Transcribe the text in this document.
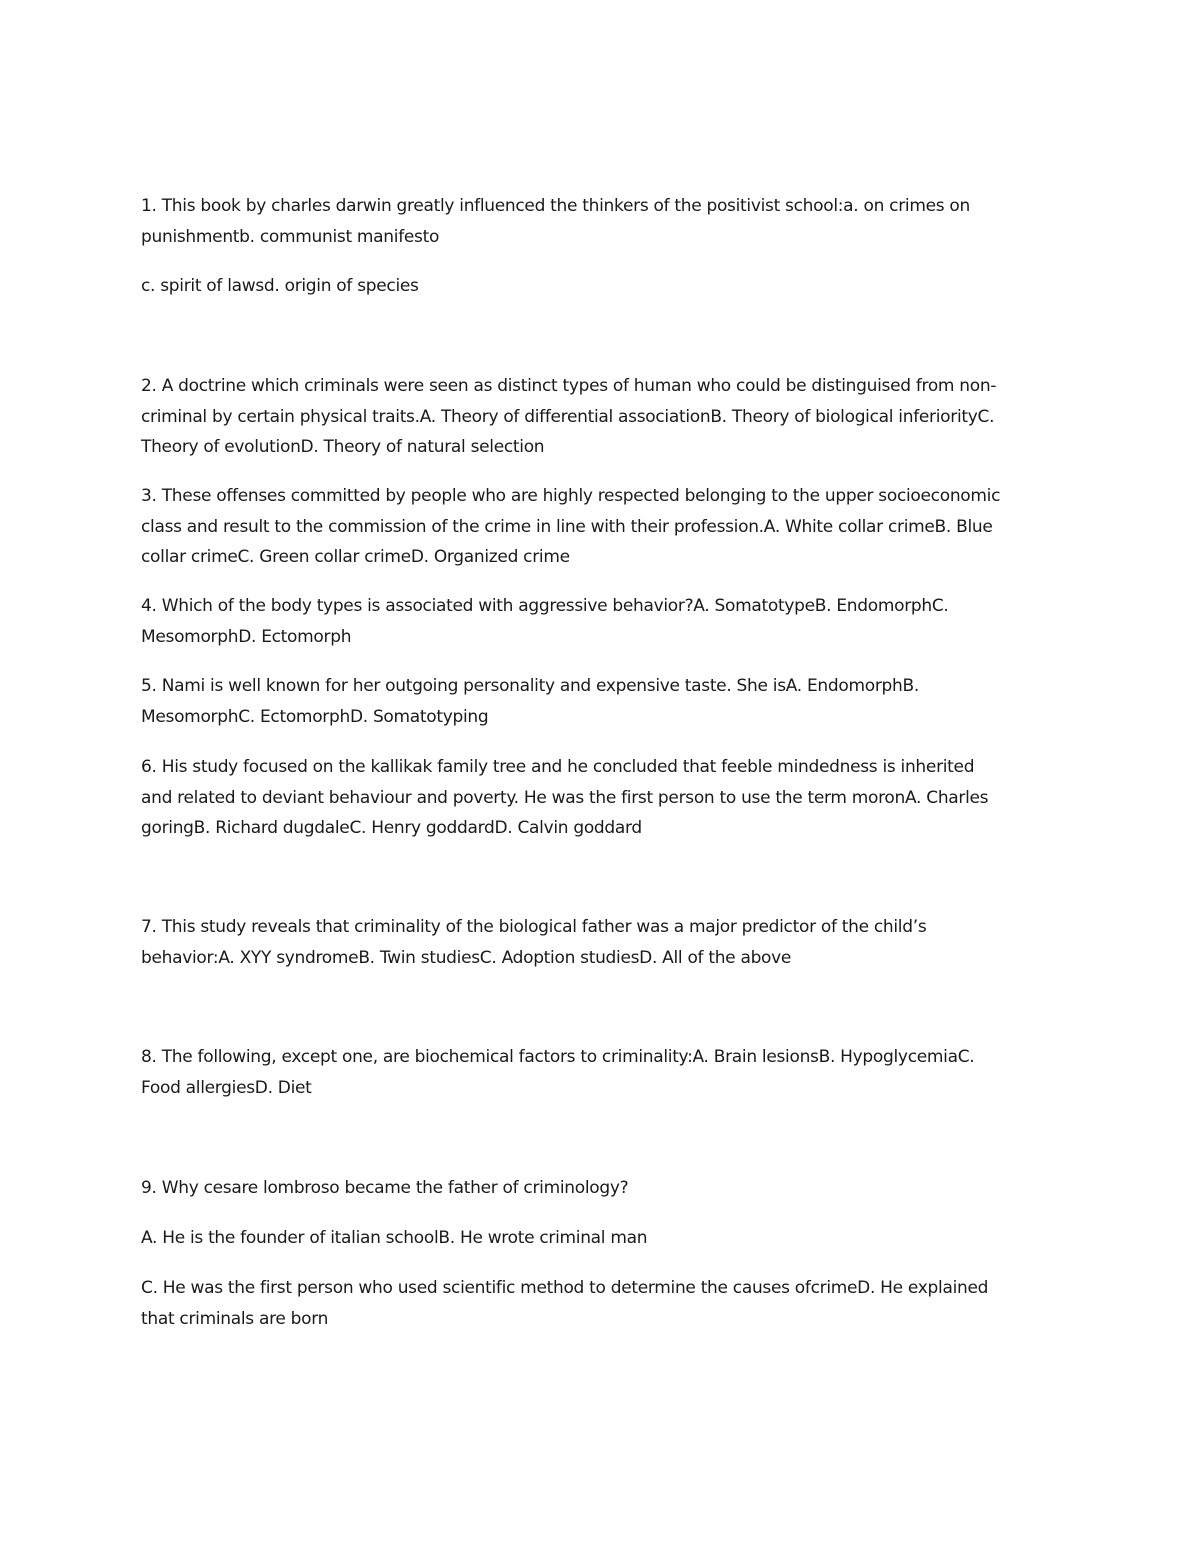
1. This book by charles darwin greatly influenced the thinkers of the positivist school:a. on crimes on
punishmentb. communist manifesto

c. spirit of lawsd. origin of species

2. A doctrine which criminals were seen as distinct types of human who could be distinguised from non-
criminal by certain physical traits.A. Theory of differential associationB. Theory of biological inferiorityC.
Theory of evolutionD. Theory of natural selection

3. These offenses committed by people who are highly respected belonging to the upper socioeconomic
class and result to the commission of the crime in line with their profession.A. White collar crimeB. Blue
collar crimeC. Green collar crimeD. Organized crime

4. Which of the body types is associated with aggressive behavior?A. SomatotypeB. EndomorphC.
MesomorphD. Ectomorph

5. Nami is well known for her outgoing personality and expensive taste. She isA. EndomorphB.
MesomorphC. EctomorphD. Somatotyping

6. His study focused on the kallikak family tree and he concluded that feeble mindedness is inherited
and related to deviant behaviour and poverty. He was the first person to use the term moronA. Charles
goringB. Richard dugdaleC. Henry goddardD. Calvin goddard

7. This study reveals that criminality of the biological father was a major predictor of the child’s
behavior:A. XYY syndromeB. Twin studiesC. Adoption studiesD. All of the above

8. The following, except one, are biochemical factors to criminality:A. Brain lesionsB. HypoglycemiaC.
Food allergiesD. Diet

9. Why cesare lombroso became the father of criminology?

A. He is the founder of italian schoolB. He wrote criminal man

C. He was the first person who used scientific method to determine the causes ofcrimeD. He explained
that criminals are born
